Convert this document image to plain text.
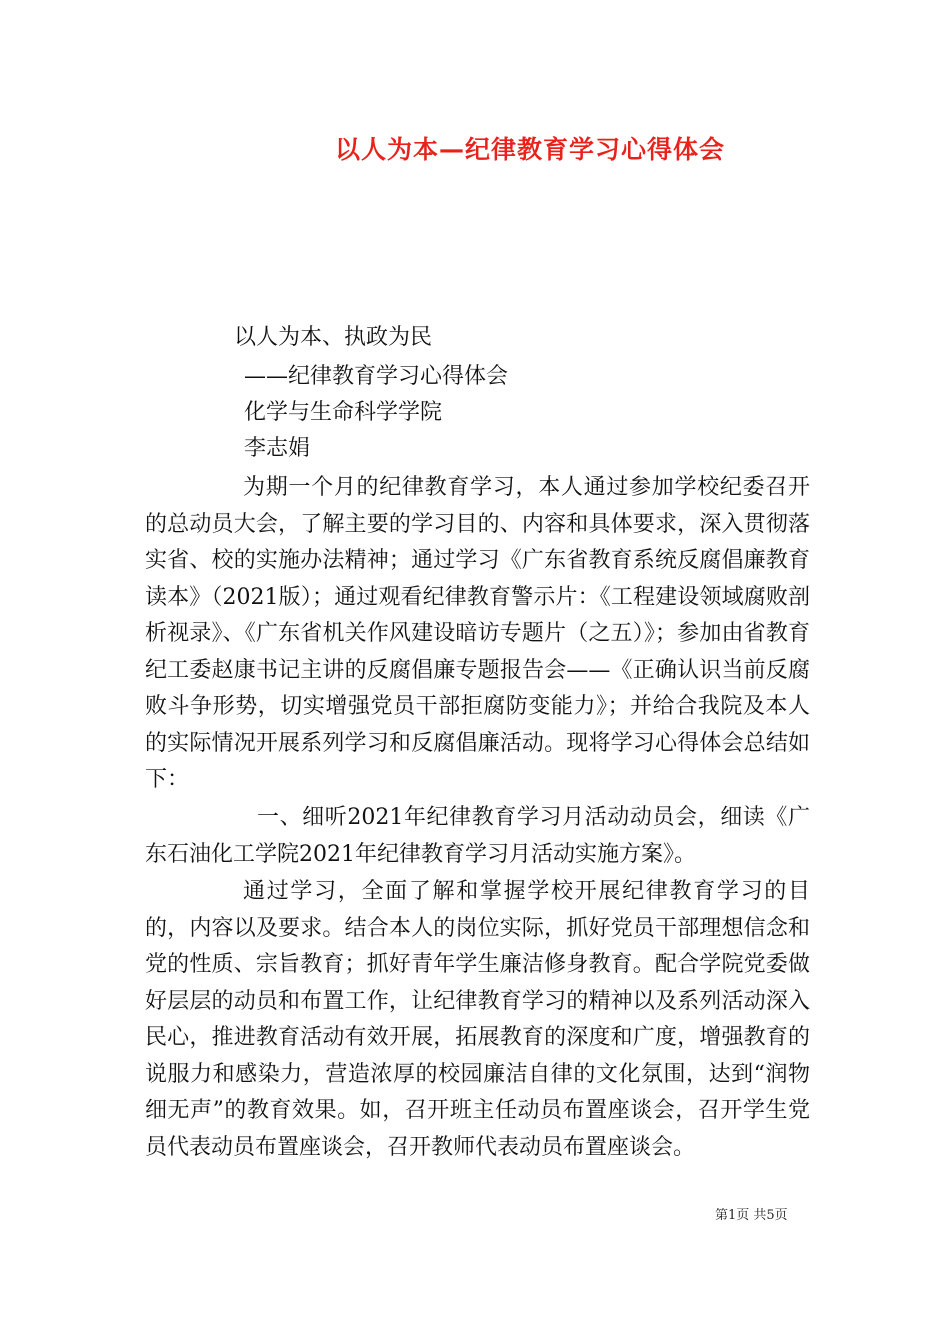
以人为本—纪律教育学习心得体会
以人为本、执政为民
——纪律教育学习心得体会
化学与生命科学学院
李志娟
为期一个月的纪律教育学习，本人通过参加学校纪委召开的总动员大会，了解主要的学习目的、内容和具体要求，深入贯彻落实省、校的实施办法精神；通过学习《广东省教育系统反腐倡廉教育读本》（2021版）；通过观看纪律教育警示片：《工程建设领域腐败剖析视录》、《广东省机关作风建设暗访专题片（之五）》；参加由省教育纪工委赵康书记主讲的反腐倡廉专题报告会——《正确认识当前反腐败斗争形势，切实增强党员干部拒腐防变能力》；并给合我院及本人的实际情况开展系列学习和反腐倡廉活动。现将学习心得体会总结如下：
一、细听2021年纪律教育学习月活动动员会，细读《广东石油化工学院2021年纪律教育学习月活动实施方案》。
通过学习，全面了解和掌握学校开展纪律教育学习的目的，内容以及要求。结合本人的岗位实际，抓好党员干部理想信念和党的性质、宗旨教育；抓好青年学生廉洁修身教育。配合学院党委做好层层的动员和布置工作，让纪律教育学习的精神以及系列活动深入民心，推进教育活动有效开展，拓展教育的深度和广度，增强教育的说服力和感染力，营造浓厚的校园廉洁自律的文化氛围，达到“润物细无声”的教育效果。如，召开班主任动员布置座谈会，召开学生党员代表动员布置座谈会，召开教师代表动员布置座谈会。
第1页 共5页
